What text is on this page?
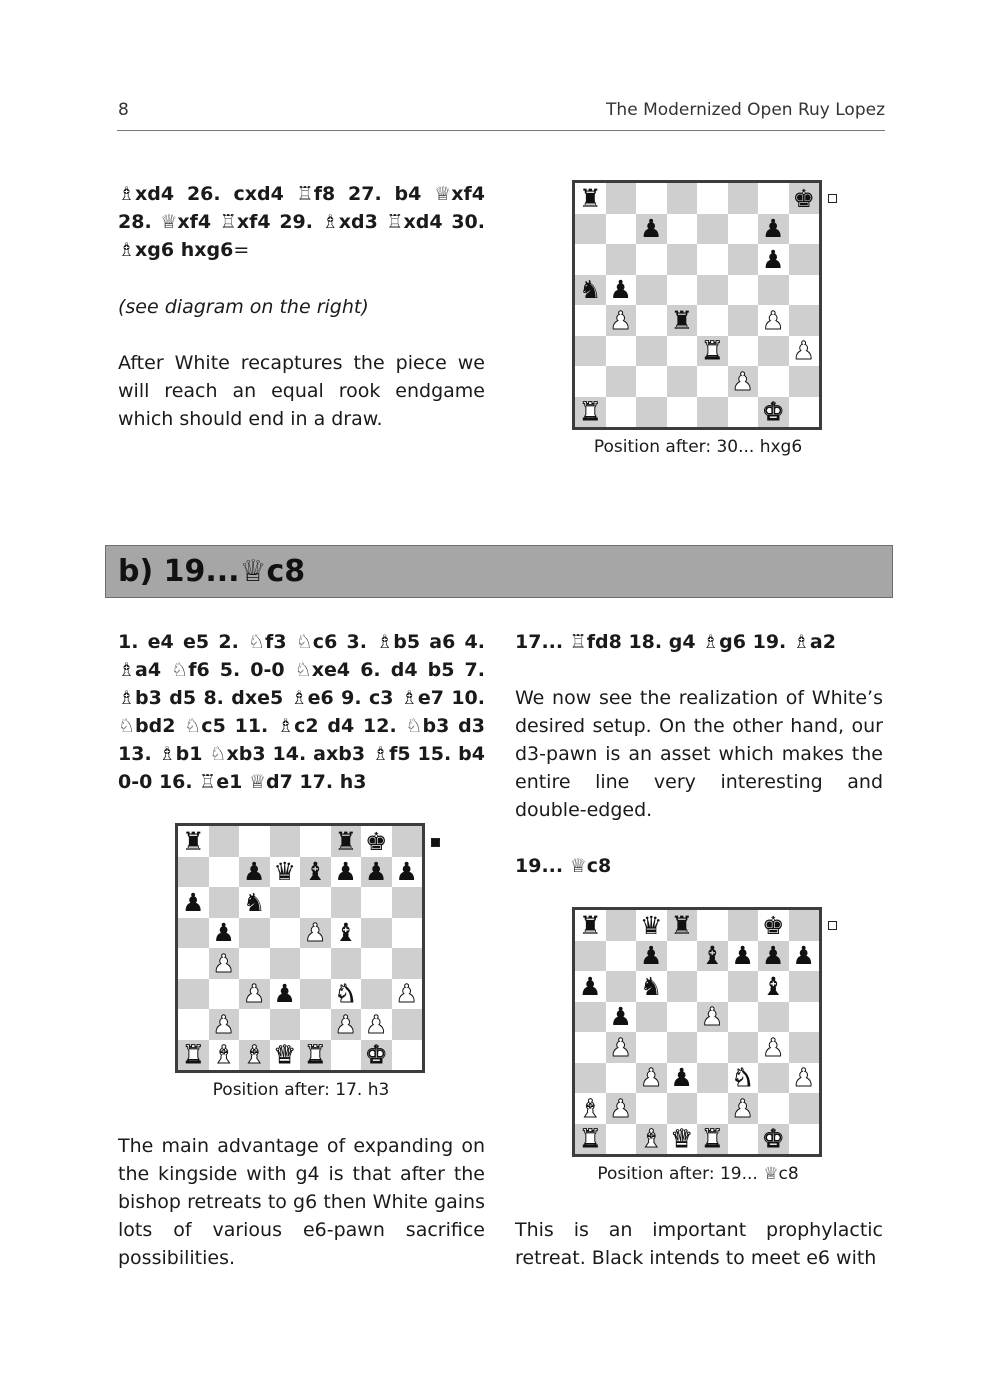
8	The Modernized Open Ruy Lopez
♗xd4 26. cxd4 ♖f8 27. b4 ♕xf4 28. ♕xf4 ♖xf4 29. ♗xd3 ♖xd4 30. ♗xg6 hxg6=
(see diagram on the right)
After White recaptures the piece we will reach an equal rook endgame which should end in a draw.
♜	♚
♟	♟
♟
♞ ♟
♟ ♜	♟
♜	♟
♟
♜	♚
Position after: 30... hxg6
b) 19...♕c8
1. e4 e5 2. ♘f3 ♘c6 3. ♗b5 a6 4. ♗a4 ♘f6 5. 0-0 ♘xe4 6. d4 b5 7. ♗b3 d5 8. dxe5 ♗e6 9. c3 ♗e7 10. ♘bd2 ♘c5 11. ♗c2 d4 12. ♘b3 d3 13. ♗b1 ♘xb3 14. axb3 ♗f5 15. b4 0-0 16. ♖e1 ♕d7 17. h3
♜	♜ ♚
♟ ♛ ♝ ♟ ♟ ♟
♟ ♞
♟	♟ ♝
♟
♟ ♟ ♞ ♟
♟	♟ ♟
♜ ♝ ♝ ♛ ♜ ♚
Position after: 17. h3
The main advantage of expanding on the kingside with g4 is that after the bishop retreats to g6 then White gains lots of various e6-pawn sacrifice possibilities.
17... ♖fd8 18. g4 ♗g6 19. ♗a2
We now see the realization of White’s desired setup. On the other hand, our d3-pawn is an asset which makes the entire line very interesting and double-edged.
19... ♕c8
♜ ♛ ♜	♚
♟ ♝ ♟ ♟ ♟
♟ ♞	♝
♟	♟
♟	♟
♟ ♟ ♞ ♟
♝ ♟	♟
♜ ♝ ♛ ♜ ♚
Position after: 19... ♕c8
This is an important prophylactic retreat. Black intends to meet e6 with
